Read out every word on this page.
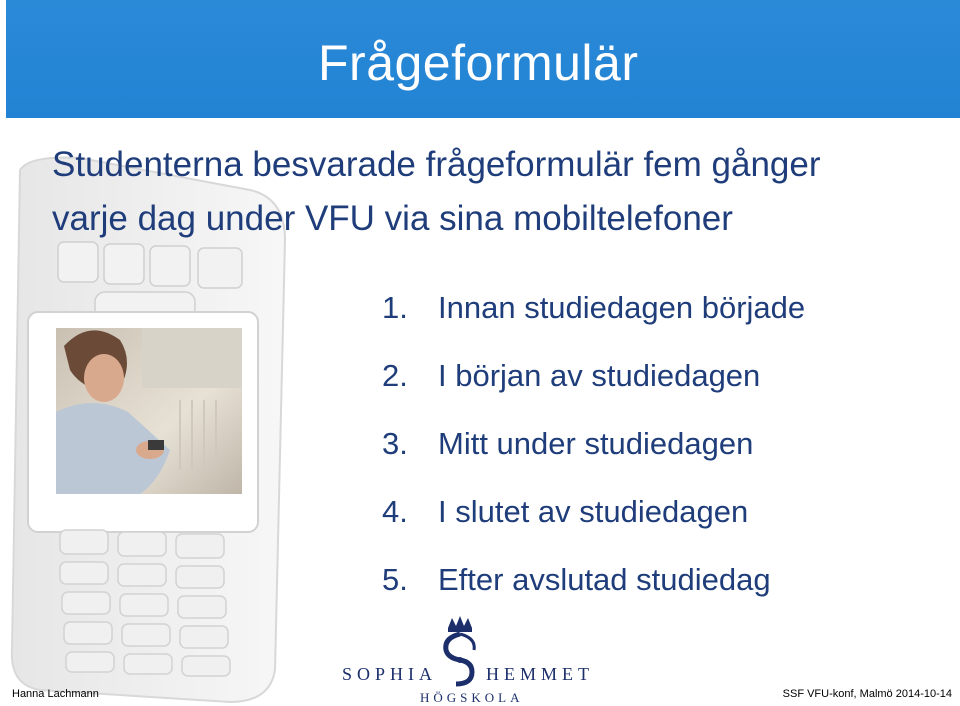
Frågeformulär
Studenterna besvarade frågeformulär fem gånger
varje dag under VFU via sina mobiltelefoner
1. Innan studiedagen började
2. I början av studiedagen
3. Mitt under studiedagen
4. I slutet av studiedagen
5. Efter avslutad studiedag
SOPHIA	HEMMET
HÖGSKOLA
Hanna Lachmann	SSF VFU-konf, Malmö 2014-10-14
